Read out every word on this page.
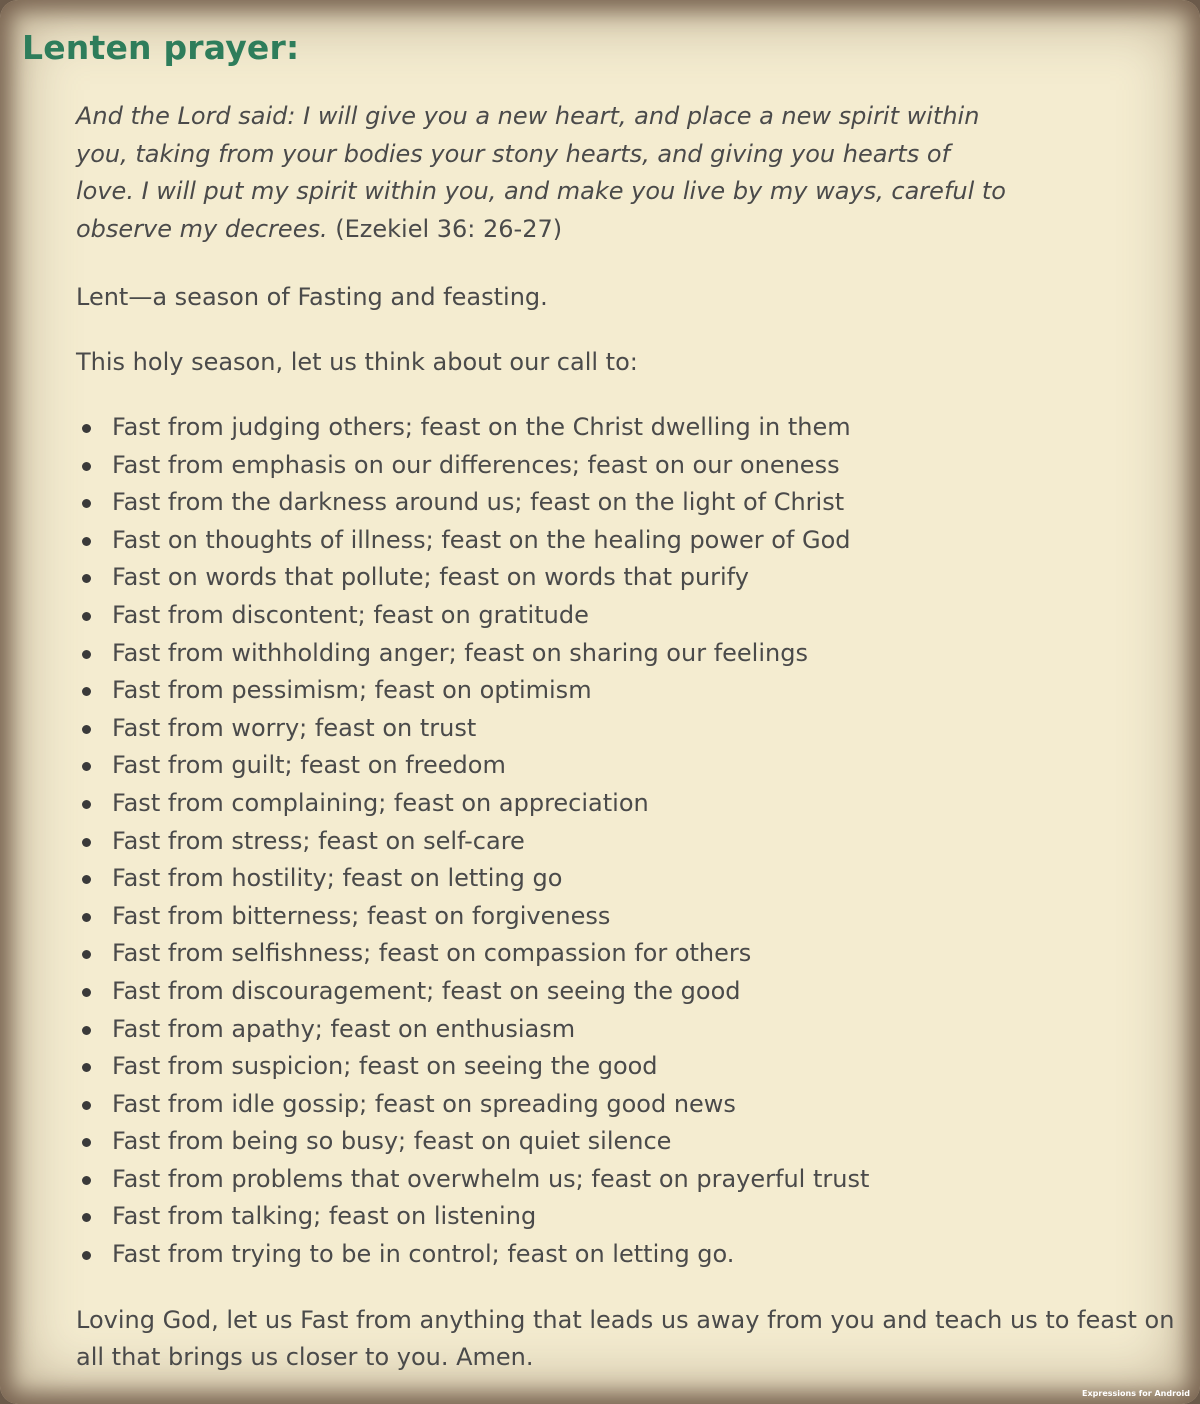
Lenten prayer:

And the Lord said: I will give you a new heart, and place a new spirit within you, taking from your bodies your stony hearts, and giving you hearts of love. I will put my spirit within you, and make you live by my ways, careful to observe my decrees. (Ezekiel 36: 26-27)

Lent—a season of Fasting and feasting.

This holy season, let us think about our call to:

Fast from judging others; feast on the Christ dwelling in them
Fast from emphasis on our differences; feast on our oneness
Fast from the darkness around us; feast on the light of Christ
Fast on thoughts of illness; feast on the healing power of God
Fast on words that pollute; feast on words that purify
Fast from discontent; feast on gratitude
Fast from withholding anger; feast on sharing our feelings
Fast from pessimism; feast on optimism
Fast from worry; feast on trust
Fast from guilt; feast on freedom
Fast from complaining; feast on appreciation
Fast from stress; feast on self-care
Fast from hostility; feast on letting go
Fast from bitterness; feast on forgiveness
Fast from selfishness; feast on compassion for others
Fast from discouragement; feast on seeing the good
Fast from apathy; feast on enthusiasm
Fast from suspicion; feast on seeing the good
Fast from idle gossip; feast on spreading good news
Fast from being so busy; feast on quiet silence
Fast from problems that overwhelm us; feast on prayerful trust
Fast from talking; feast on listening
Fast from trying to be in control; feast on letting go.

Loving God, let us Fast from anything that leads us away from you and teach us to feast on all that brings us closer to you. Amen.

Expressions for Android
